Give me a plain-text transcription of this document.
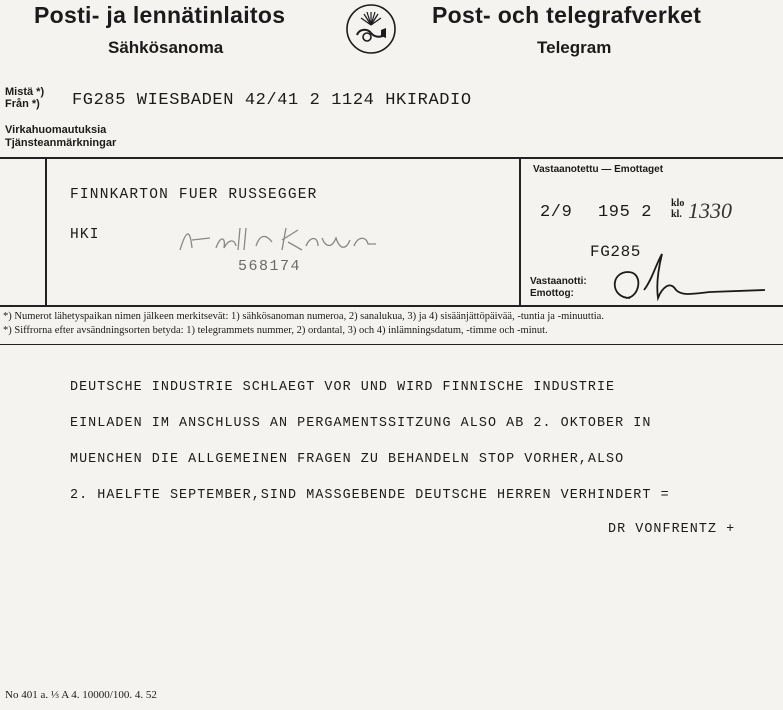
Posti- ja lennätinlaitos
Sähkösanoma
Post- och telegrafverket
Telegram
Mistä *)
Från *) FG285 WIESBADEN 42/41 2 1124 HKIRADIO
Virkahuomautuksia
Tjänsteanmärkningar
FINNKARTON FUER RUSSEGGER
HKI
568174
Vastaanotettu — Emottaget
2/9 195 2 klo
kl. 1330
FG285
Vastaanotti:
Emottog:
*) Numerot lähetyspaikan nimen jälkeen merkitsevät: 1) sähkösanoman numeroa, 2) sanalukua, 3) ja 4) sisäänjättöpäivää, -tuntia ja -minuuttia.
*) Siffrorna efter avsändningsorten betyda: 1) telegrammets nummer, 2) ordantal, 3) och 4) inlämningsdatum, -timme och -minut.
DEUTSCHE INDUSTRIE SCHLAEGT VOR UND WIRD FINNISCHE INDUSTRIE
EINLADEN IM ANSCHLUSS AN PERGAMENTSSITZUNG ALSO AB 2. OKTOBER IN
MUENCHEN DIE ALLGEMEINEN FRAGEN ZU BEHANDELN STOP VORHER,ALSO
2. HAELFTE SEPTEMBER,SIND MASSGEBENDE DEUTSCHE HERREN VERHINDERT =
DR VONFRENTZ +
No 401 a. ⅓ A 4. 10000/100. 4. 52
